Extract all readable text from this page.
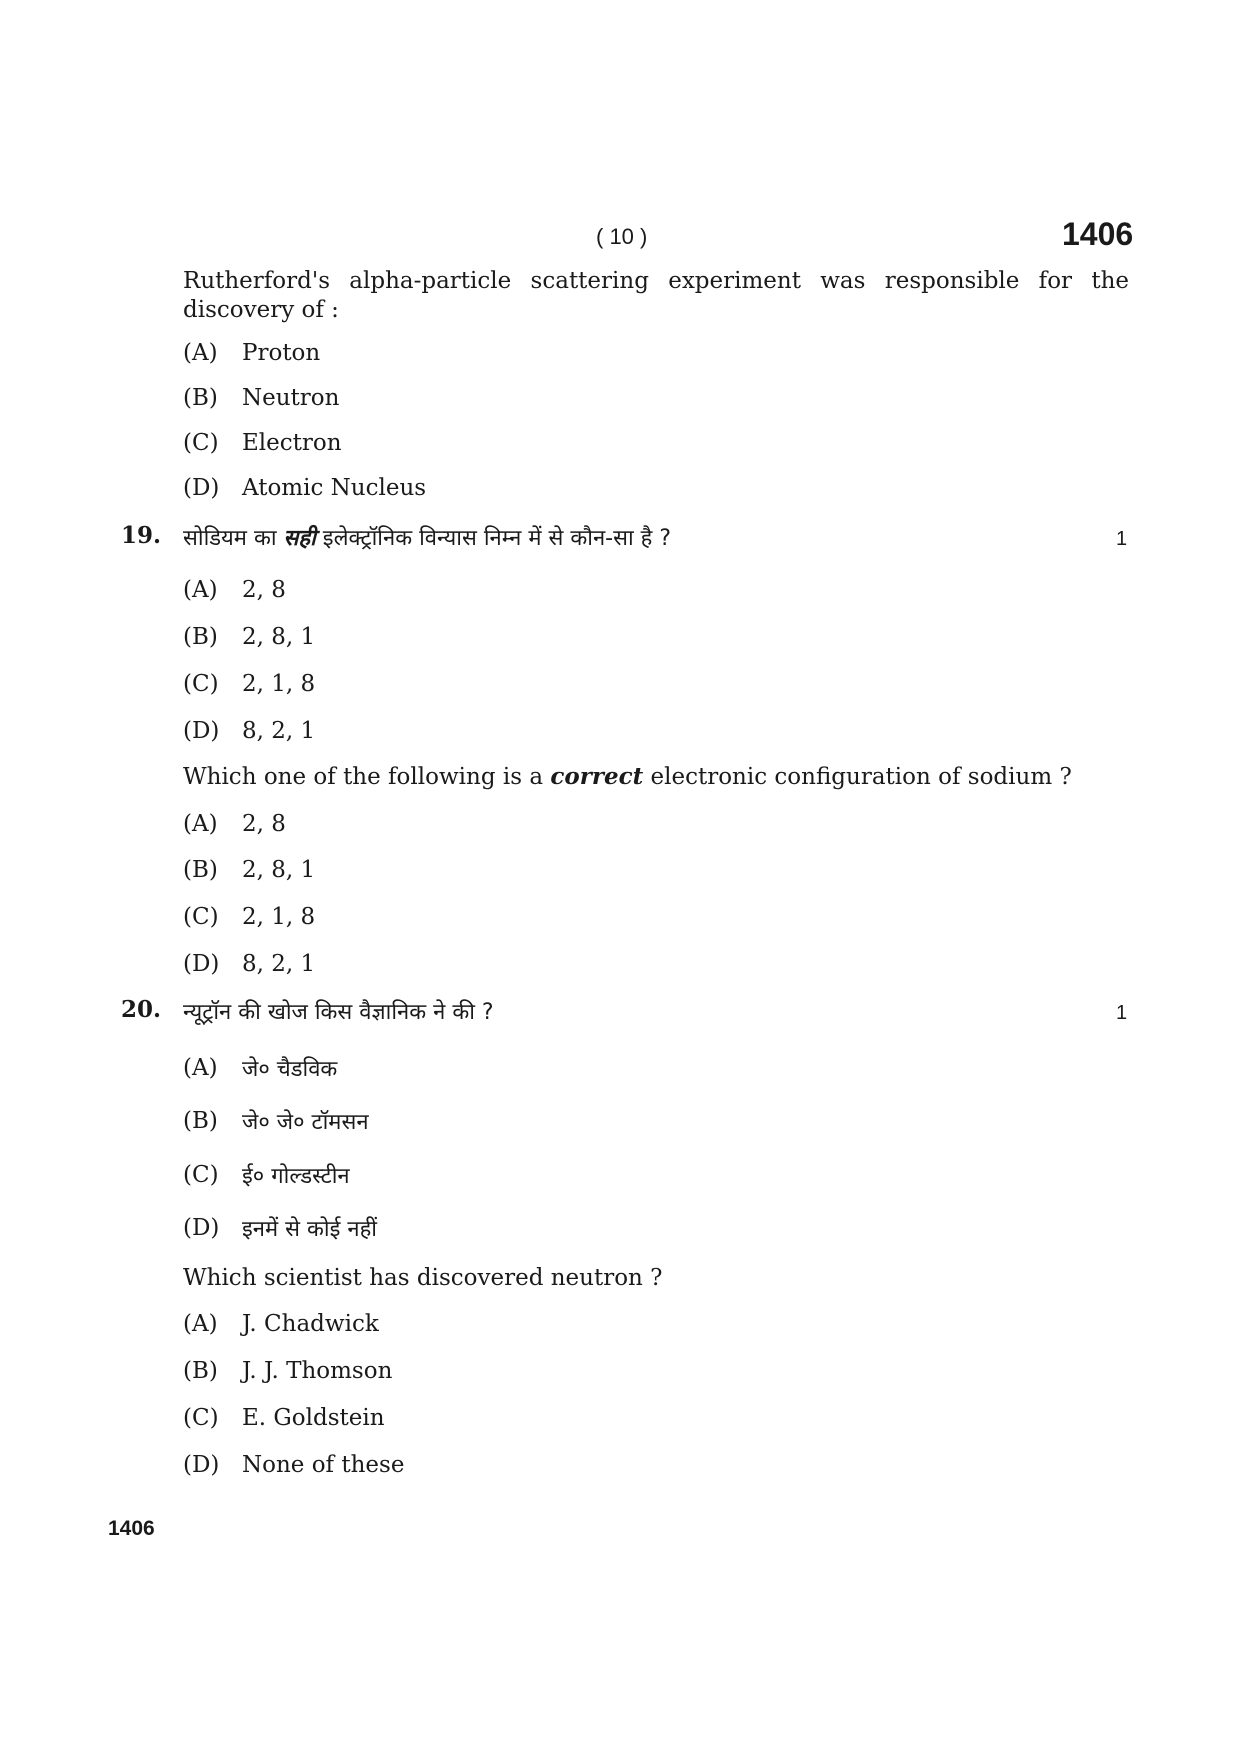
( 10 )	1406
Rutherford's alpha-particle scattering experiment was responsible for the
discovery of :
(A) Proton
(B) Neutron
(C) Electron
(D) Atomic Nucleus
19. सोडियम का सही इलेक्ट्रॉनिक विन्यास निम्न में से कौन-सा है ?	1
(A) 2, 8
(B) 2, 8, 1
(C) 2, 1, 8
(D) 8, 2, 1
Which one of the following is a correct electronic configuration of sodium ?
(A) 2, 8
(B) 2, 8, 1
(C) 2, 1, 8
(D) 8, 2, 1
20. न्यूट्रॉन की खोज किस वैज्ञानिक ने की ?	1
(A) जे० चैडविक
(B) जे० जे० टॉमसन
(C) ई० गोल्डस्टीन
(D) इनमें से कोई नहीं
Which scientist has discovered neutron ?
(A) J. Chadwick
(B) J. J. Thomson
(C) E. Goldstein
(D) None of these
1406
